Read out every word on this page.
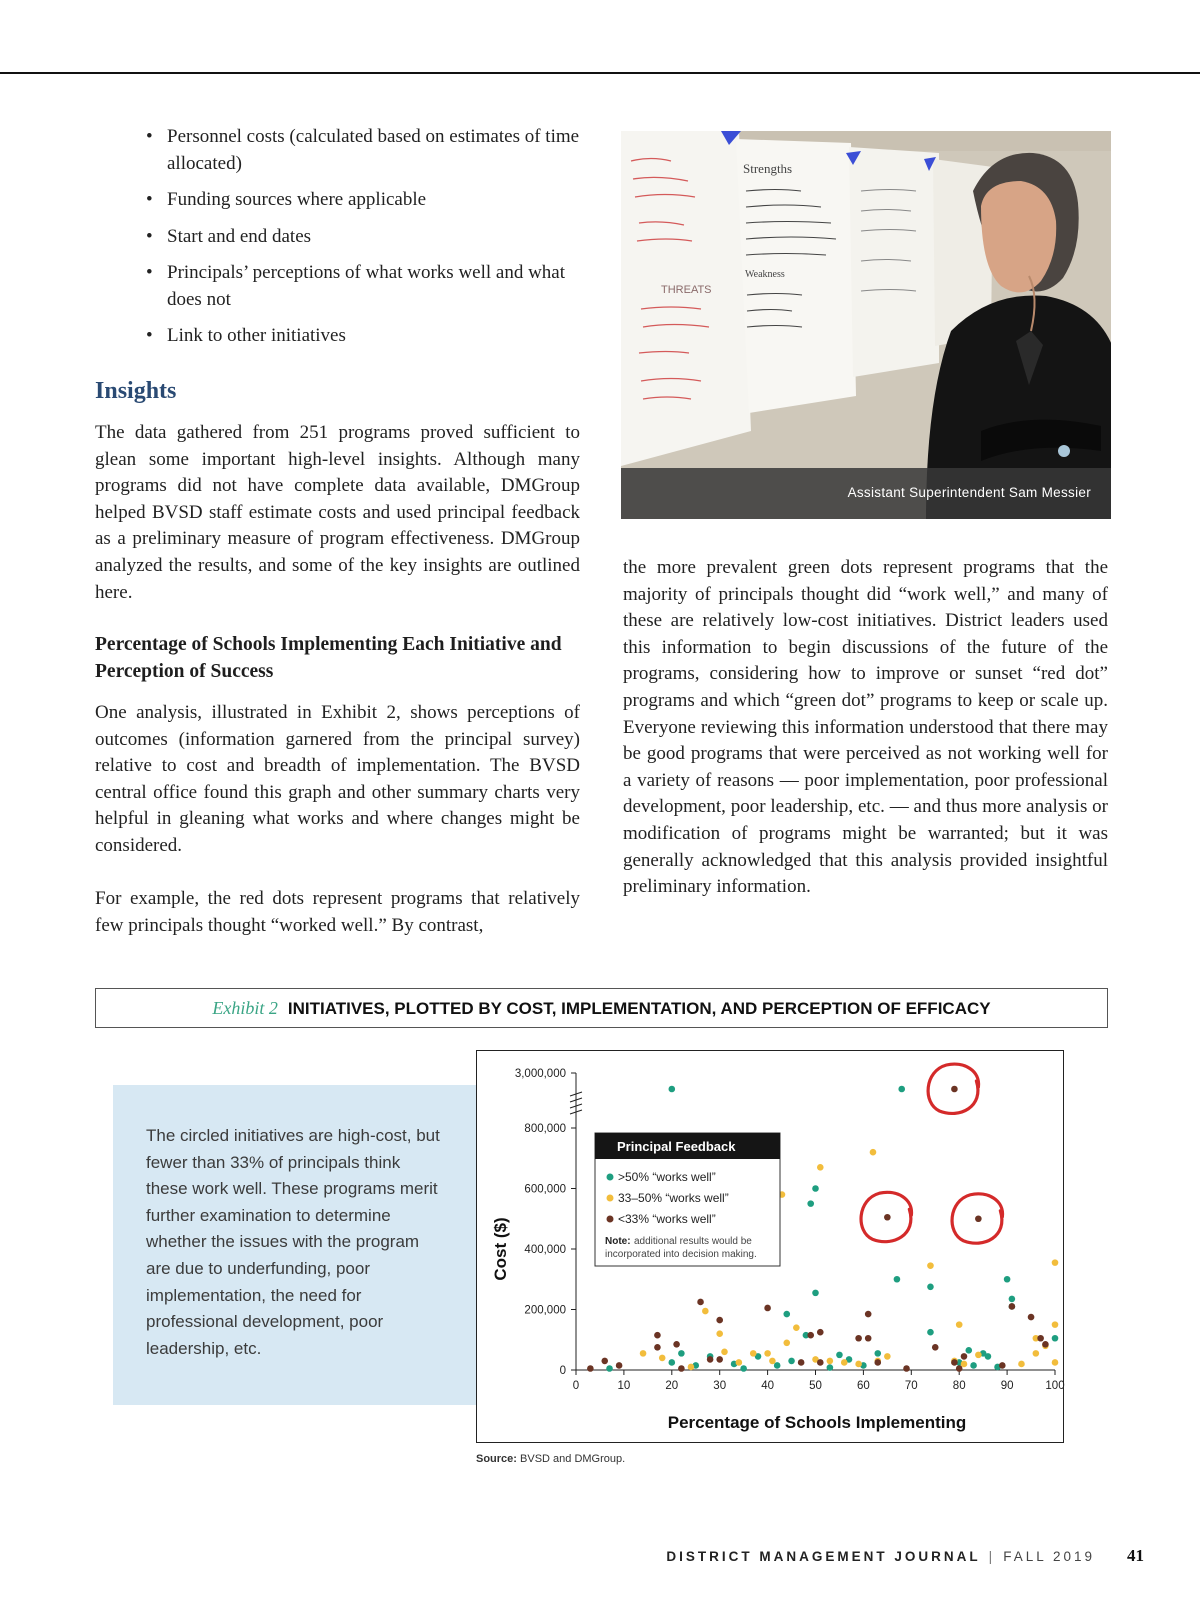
• Personnel costs (calculated based on estimates of time allocated)
• Funding sources where applicable
• Start and end dates
• Principals’ perceptions of what works well and what does not
• Link to other initiatives
Insights

The data gathered from 251 programs proved sufficient to glean some important high-level insights. Although many programs did not have complete data available, DMGroup helped BVSD staff estimate costs and used principal feedback as a preliminary measure of program effectiveness. DMGroup analyzed the results, and some of the key insights are outlined here.

Percentage of Schools Implementing Each Initiative and Perception of Success

One analysis, illustrated in Exhibit 2, shows perceptions of outcomes (information garnered from the principal survey) relative to cost and breadth of implementation. The BVSD central office found this graph and other summary charts very helpful in gleaning what works and where changes might be considered.

For example, the red dots represent programs that relatively few principals thought “worked well.” By contrast,

the more prevalent green dots represent programs that the majority of principals thought did “work well,” and many of these are relatively low-cost initiatives. District leaders used this information to begin discussions of the future of the programs, considering how to improve or sunset “red dot” programs and which “green dot” programs to keep or scale up. Everyone reviewing this information understood that there may be good programs that were perceived as not working well for a variety of reasons — poor implementation, poor professional development, poor leadership, etc. — and thus more analysis or modification of programs might be warranted; but it was generally acknowledged that this analysis provided insightful preliminary information.

THREATS
Strengths
Weakness
Assistant Superintendent Sam Messier
Exhibit 2 INITIATIVES, PLOTTED BY COST, IMPLEMENTATION, AND PERCEPTION OF EFFICACY

The circled initiatives are high-cost, but fewer than 33% of principals think these work well. These programs merit further examination to determine whether the issues with the program are due to underfunding, poor implementation, the need for professional development, poor leadership, etc.

0
200,000
400,000
600,000
800,000
3,000,000
0	10	20	30	40	50	60	70	80	90	100
Percentage of Schools Implementing
Cost ($)
Principal Feedback
>50% “works well”
33–50% “works well”
<33% “works well”
Note: additional results would be
incorporated into decision making.
Source: BVSD and DMGroup.
DISTRICT MANAGEMENT JOURNAL | FALL 2019 41
